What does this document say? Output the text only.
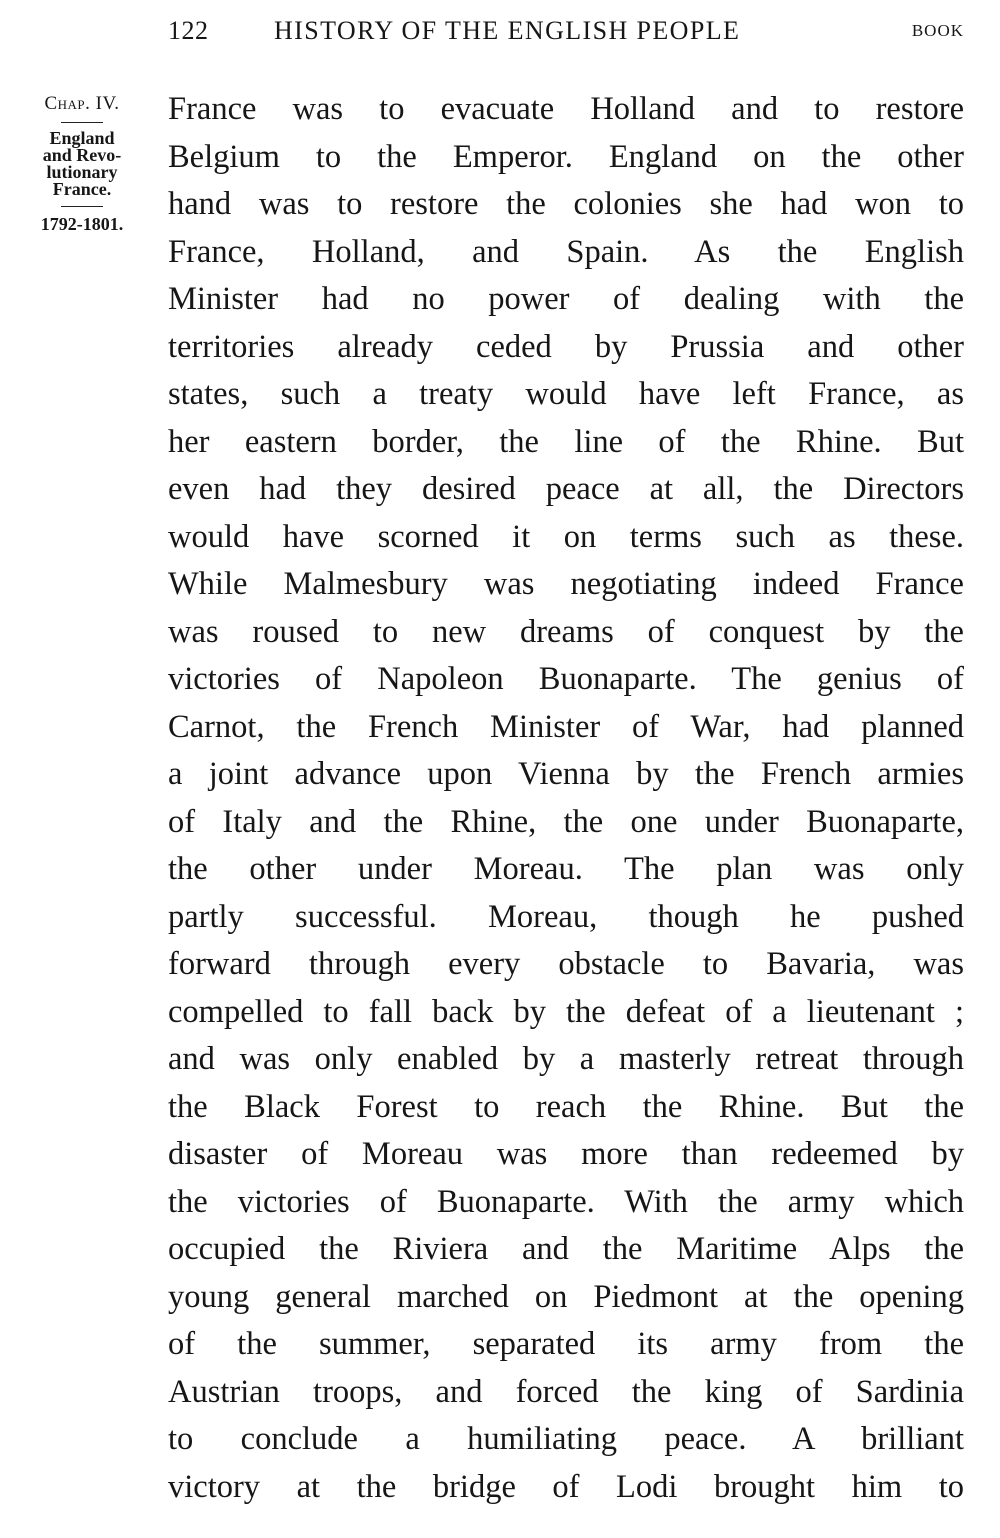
122	HISTORY OF THE ENGLISH PEOPLE	BOOK
Chap. IV.
England
and Revo-
lutionary
France.
1792-1801.
France was to evacuate Holland and to restore
Belgium to the Emperor. England on the other
hand was to restore the colonies she had won to
France, Holland, and Spain. As the English
Minister had no power of dealing with the
territories already ceded by Prussia and other
states, such a treaty would have left France, as
her eastern border, the line of the Rhine. But
even had they desired peace at all, the Directors
would have scorned it on terms such as these.
While Malmesbury was negotiating indeed France
was roused to new dreams of conquest by the
victories of Napoleon Buonaparte. The genius of
Carnot, the French Minister of War, had planned
a joint advance upon Vienna by the French armies
of Italy and the Rhine, the one under Buonaparte,
the other under Moreau. The plan was only
partly successful. Moreau, though he pushed
forward through every obstacle to Bavaria, was
compelled to fall back by the defeat of a lieutenant ;
and was only enabled by a masterly retreat through
the Black Forest to reach the Rhine. But the
disaster of Moreau was more than redeemed by
the victories of Buonaparte. With the army which
occupied the Riviera and the Maritime Alps the
young general marched on Piedmont at the opening
of the summer, separated its army from the
Austrian troops, and forced the king of Sardinia
to conclude a humiliating peace. A brilliant
victory at the bridge of Lodi brought him to
